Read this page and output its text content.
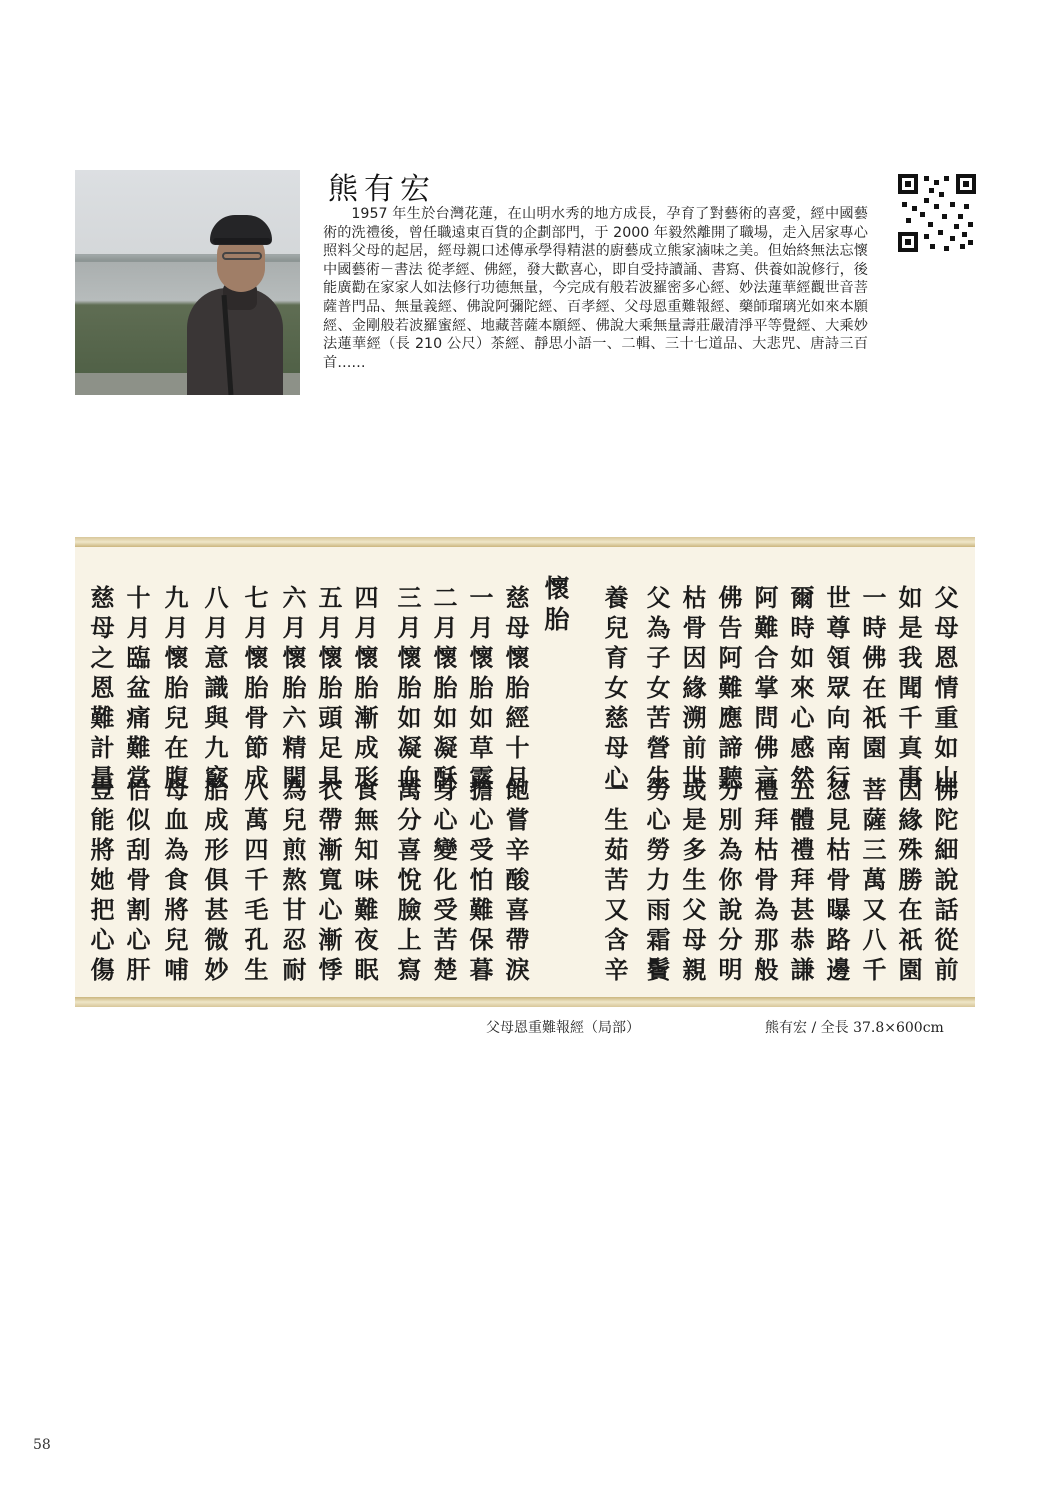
熊有宏

1957 年生於台灣花蓮，在山明水秀的地方成長，孕育了對藝術的喜愛，經中國藝術的洗禮後，曾任職遠東百貨的企劃部門，于 2000 年毅然離開了職場，走入居家專心照料父母的起居，經母親口述傳承學得精湛的廚藝成立熊家滷味之美。但始終無法忘懷中國藝術－書法 從孝經、佛經，發大歡喜心，即自受持讀誦、書寫、供養如說修行，後能廣勸在家家人如法修行功德無量，今完成有般若波羅密多心經、妙法蓮華經觀世音菩薩普門品、無量義經、佛說阿彌陀經、百孝經、父母恩重難報經、藥師瑠璃光如來本願經、金剛般若波羅蜜經、地藏菩薩本願經、佛說大乘無量壽莊嚴清淨平等覺經、大乘妙法蓮華經（長 210 公尺）茶經、靜思小語一、二輯、三十七道品、大悲咒、唐詩三百首……

父母恩情重如山
如是我聞千真事
一時佛在祇園
世尊領眾向南行
爾時如來心感然
阿難合掌問佛言
佛告阿難應諦聽
枯骨因緣溯前世
父為子女苦營生
養兒育女慈母心
佛陀細說話從前
因緣殊勝在祇園
菩薩三萬又八千
忽見枯骨曝路邊
五體禮拜甚恭謙
禮拜枯骨為那般
分別為你說分明
或是多生父母親
勞心勞力雨霜鬢
一生茹苦又含辛
懷胎
慈母懷胎經十月
一月懷胎如草露
二月懷胎如凝酥
三月懷胎如凝血
四月懷胎漸成形
五月懷胎頭足具
六月懷胎六精開
七月懷胎骨節成
八月意識與九竅
九月懷胎兒在腹
十月臨盆痛難當
慈母之恩難計量
飽嘗辛酸喜帶淚
擔心受怕難保暮
身心變化受苦楚
萬分喜悅臉上寫
食無知味難夜眠
衣帶漸寬心漸悸
為兒煎熬甘忍耐
八萬四千毛孔生
胎成形俱甚微妙
母血為食將兒哺
恰似刮骨割心肝
豈能將她把心傷
父母恩重難報經（局部）	熊有宏 / 全長 37.8×600cm
58
